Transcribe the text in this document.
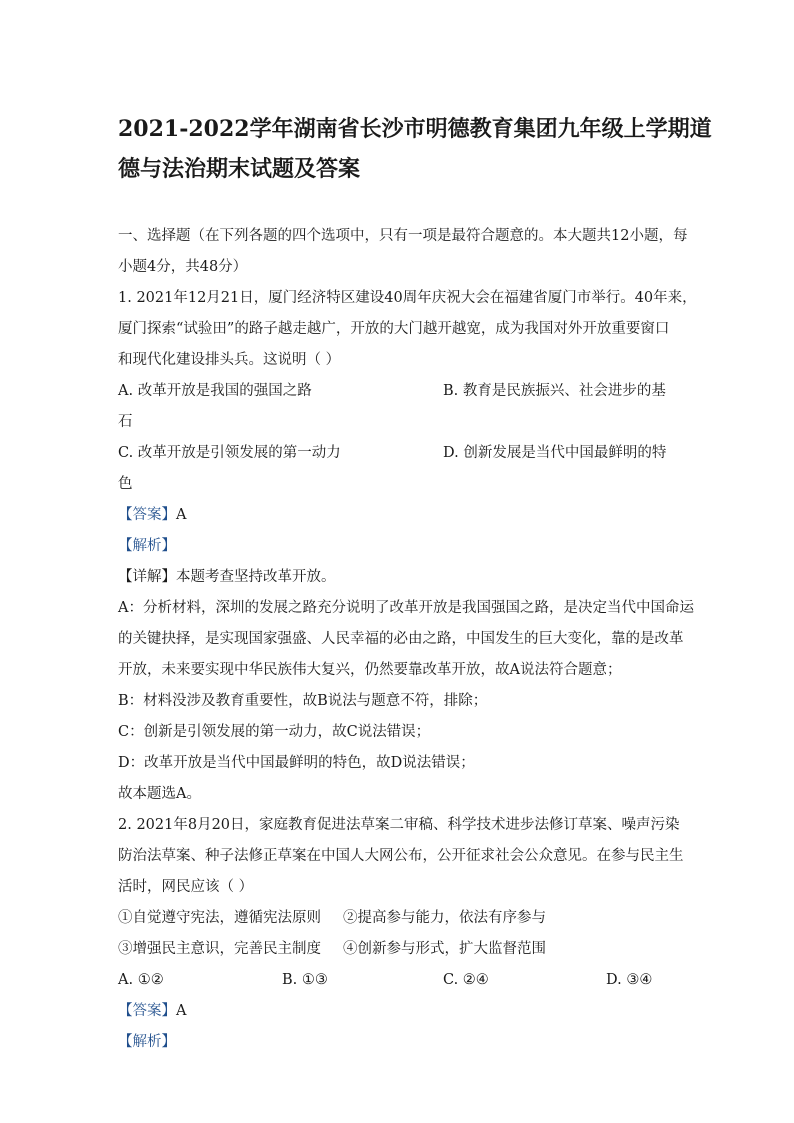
2021-2022学年湖南省长沙市明德教育集团九年级上学期道
德与法治期末试题及答案

一、选择题（在下列各题的四个选项中，只有一项是最符合题意的。本大题共12小题，每

小题4分，共48分）

1. 2021年12月21日，厦门经济特区建设40周年庆祝大会在福建省厦门市举行。40年来，

厦门探索“试验田”的路子越走越广，开放的大门越开越宽，成为我国对外开放重要窗口

和现代化建设排头兵。这说明（ ）

A. 改革开放是我国的强国之路	B. 教育是民族振兴、社会进步的基
石
C. 改革开放是引领发展的第一动力	D. 创新发展是当代中国最鲜明的特
色

【答案】A

【解析】

【详解】本题考查坚持改革开放。

A：分析材料，深圳的发展之路充分说明了改革开放是我国强国之路，是决定当代中国命运

的关键抉择，是实现国家强盛、人民幸福的必由之路，中国发生的巨大变化，靠的是改革

开放，未来要实现中华民族伟大复兴，仍然要靠改革开放，故A说法符合题意；

B：材料没涉及教育重要性，故B说法与题意不符，排除；

C：创新是引领发展的第一动力，故C说法错误；

D：改革开放是当代中国最鲜明的特色，故D说法错误；

故本题选A。

2. 2021年8月20日，家庭教育促进法草案二审稿、科学技术进步法修订草案、噪声污染

防治法草案、种子法修正草案在中国人大网公布，公开征求社会公众意见。在参与民主生

活时，网民应该（ ）

①自觉遵守宪法，遵循宪法原则 ②提高参与能力，依法有序参与
③增强民主意识，完善民主制度 ④创新参与形式，扩大监督范围
A. ①②	B. ①③	C. ②④	D. ③④

【答案】A

【解析】
